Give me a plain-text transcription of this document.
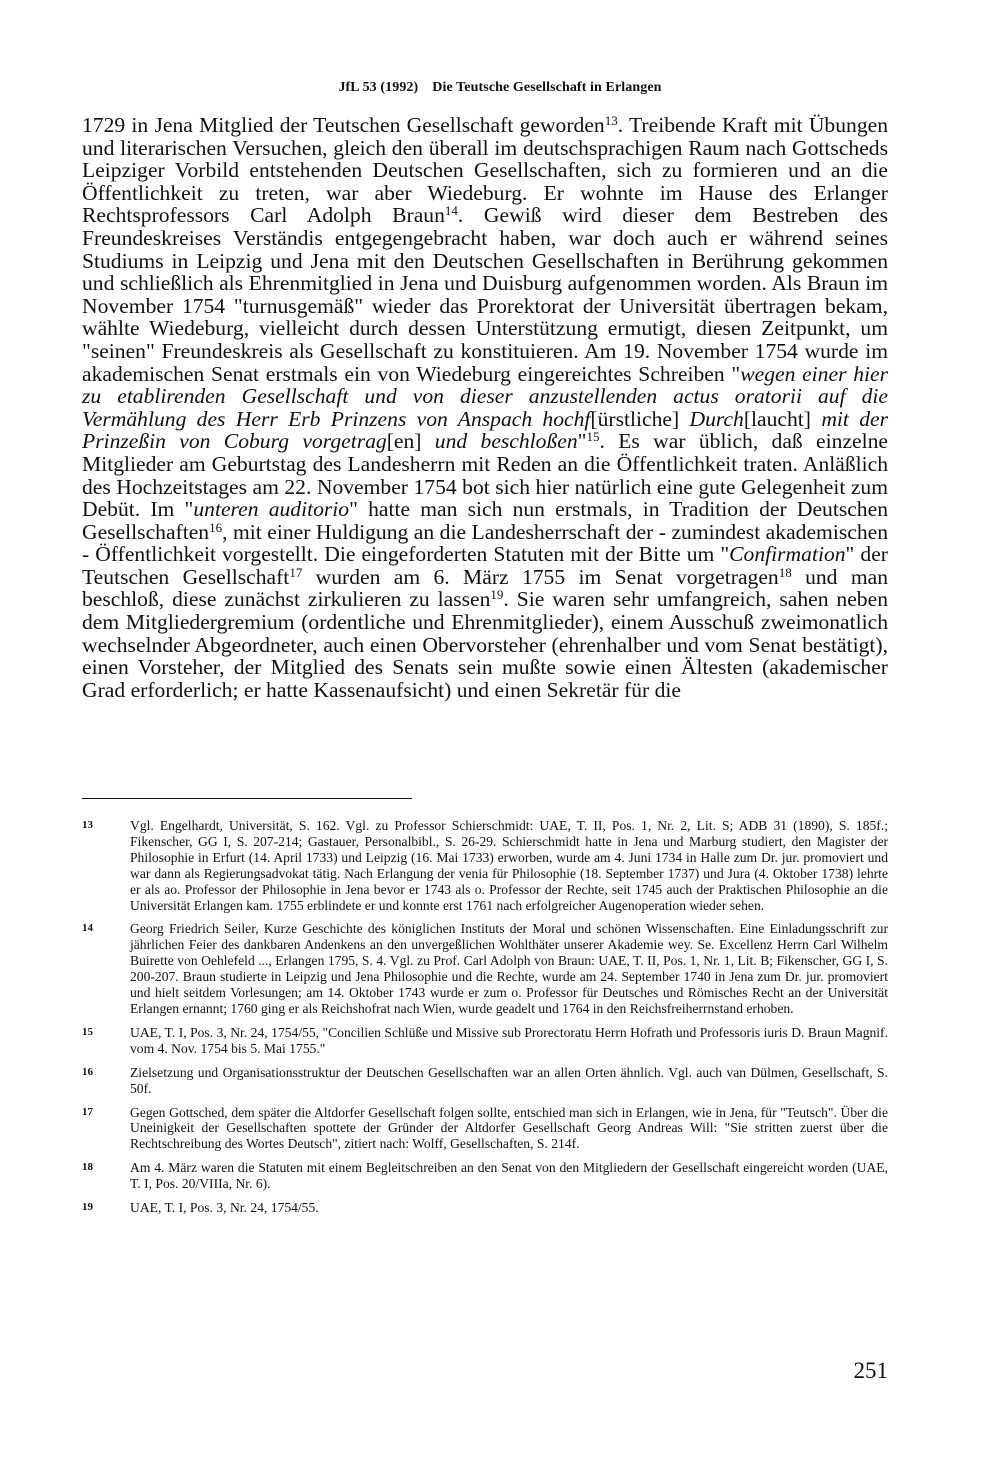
JfL 53 (1992) Die Teutsche Gesellschaft in Erlangen
1729 in Jena Mitglied der Teutschen Gesellschaft geworden$^{13}$. Treibende Kraft mit Übungen und literarischen Versuchen, gleich den überall im deutschsprachigen Raum nach Gottscheds Leipziger Vorbild entstehenden Deutschen Gesellschaften, sich zu formieren und an die Öffentlichkeit zu treten, war aber Wiedeburg. Er wohnte im Hause des Erlanger Rechtsprofessors Carl Adolph Braun$^{14}$. Gewiß wird dieser dem Bestreben des Freundeskreises Verständis entgegengebracht haben, war doch auch er während seines Studiums in Leipzig und Jena mit den Deutschen Gesellschaften in Berührung gekommen und schließlich als Ehrenmitglied in Jena und Duisburg aufgenommen worden. Als Braun im November 1754 "turnusgemäß" wieder das Prorektorat der Universität übertragen bekam, wählte Wiedeburg, vielleicht durch dessen Unterstützung ermutigt, diesen Zeitpunkt, um "seinen" Freundeskreis als Gesellschaft zu konstituieren. Am 19. November 1754 wurde im akademischen Senat erstmals ein von Wiedeburg eingereichtes Schreiben "wegen einer hier zu etablirenden Gesellschaft und von dieser anzustellenden actus oratorii auf die Vermählung des Herr Erb Prinzens von Anspach hochf[ürstliche] Durch[laucht] mit der Prinzeßin von Coburg vorgetrag[en] und beschloßen"$^{15}$. Es war üblich, daß einzelne Mitglieder am Geburtstag des Landesherrn mit Reden an die Öffentlichkeit traten. Anläßlich des Hochzeitstages am 22. November 1754 bot sich hier natürlich eine gute Gelegenheit zum Debüt. Im "unteren auditorio" hatte man sich nun erstmals, in Tradition der Deutschen Gesellschaften$^{16}$, mit einer Huldigung an die Landesherrschaft der - zumindest akademischen - Öffentlichkeit vorgestellt. Die eingeforderten Statuten mit der Bitte um "Confirmation" der Teutschen Gesellschaft$^{17}$ wurden am 6. März 1755 im Senat vorgetragen$^{18}$ und man beschloß, diese zunächst zirkulieren zu lassen$^{19}$. Sie waren sehr umfangreich, sahen neben dem Mitgliedergremium (ordentliche und Ehrenmitglieder), einem Ausschuß zweimonatlich wechselnder Abgeordneter, auch einen Obervorsteher (ehrenhalber und vom Senat bestätigt), einen Vorsteher, der Mitglied des Senats sein mußte sowie einen Ältesten (akademischer Grad erforderlich; er hatte Kassenaufsicht) und einen Sekretär für die
13	Vgl. Engelhardt, Universität, S. 162. Vgl. zu Professor Schierschmidt: UAE, T. II, Pos. 1, Nr. 2, Lit. S; ADB 31 (1890), S. 185f.; Fikenscher, GG I, S. 207-214; Gastauer, Personalbibl., S. 26-29. Schierschmidt hatte in Jena und Marburg studiert, den Magister der Philosophie in Erfurt (14. April 1733) und Leipzig (16. Mai 1733) erworben, wurde am 4. Juni 1734 in Halle zum Dr. jur. promoviert und war dann als Regierungsadvokat tätig. Nach Erlangung der venia für Philosophie (18. September 1737) und Jura (4. Oktober 1738) lehrte er als ao. Professor der Philosophie in Jena bevor er 1743 als o. Professor der Rechte, seit 1745 auch der Praktischen Philosophie an die Universität Erlangen kam. 1755 erblindete er und konnte erst 1761 nach erfolgreicher Augenoperation wieder sehen.
14	Georg Friedrich Seiler, Kurze Geschichte des königlichen Instituts der Moral und schönen Wissenschaften. Eine Einladungsschrift zur jährlichen Feier des dankbaren Andenkens an den unvergeßlichen Wohlthäter unserer Akademie wey. Se. Excellenz Herrn Carl Wilhelm Buirette von Oehlefeld ..., Erlangen 1795, S. 4. Vgl. zu Prof. Carl Adolph von Braun: UAE, T. II, Pos. 1, Nr. 1, Lit. B; Fikenscher, GG I, S. 200-207. Braun studierte in Leipzig und Jena Philosophie und die Rechte, wurde am 24. September 1740 in Jena zum Dr. jur. promoviert und hielt seitdem Vorlesungen; am 14. Oktober 1743 wurde er zum o. Professor für Deutsches und Römisches Recht an der Universität Erlangen ernannt; 1760 ging er als Reichshofrat nach Wien, wurde geadelt und 1764 in den Reichsfreiherrnstand erhoben.
15	UAE, T. I, Pos. 3, Nr. 24, 1754/55, "Concilien Schlüße und Missive sub Prorectoratu Herrn Hofrath und Professoris iuris D. Braun Magnif. vom 4. Nov. 1754 bis 5. Mai 1755."
16	Zielsetzung und Organisationsstruktur der Deutschen Gesellschaften war an allen Orten ähnlich. Vgl. auch van Dülmen, Gesellschaft, S. 50f.
17	Gegen Gottsched, dem später die Altdorfer Gesellschaft folgen sollte, entschied man sich in Erlangen, wie in Jena, für "Teutsch". Über die Uneinigkeit der Gesellschaften spottete der Gründer der Altdorfer Gesellschaft Georg Andreas Will: "Sie stritten zuerst über die Rechtschreibung des Wortes Deutsch", zitiert nach: Wolff, Gesellschaften, S. 214f.
18	Am 4. März waren die Statuten mit einem Begleitschreiben an den Senat von den Mitgliedern der Gesellschaft eingereicht worden (UAE, T. I, Pos. 20/VIIIa, Nr. 6).
19	UAE, T. I, Pos. 3, Nr. 24, 1754/55.
251
